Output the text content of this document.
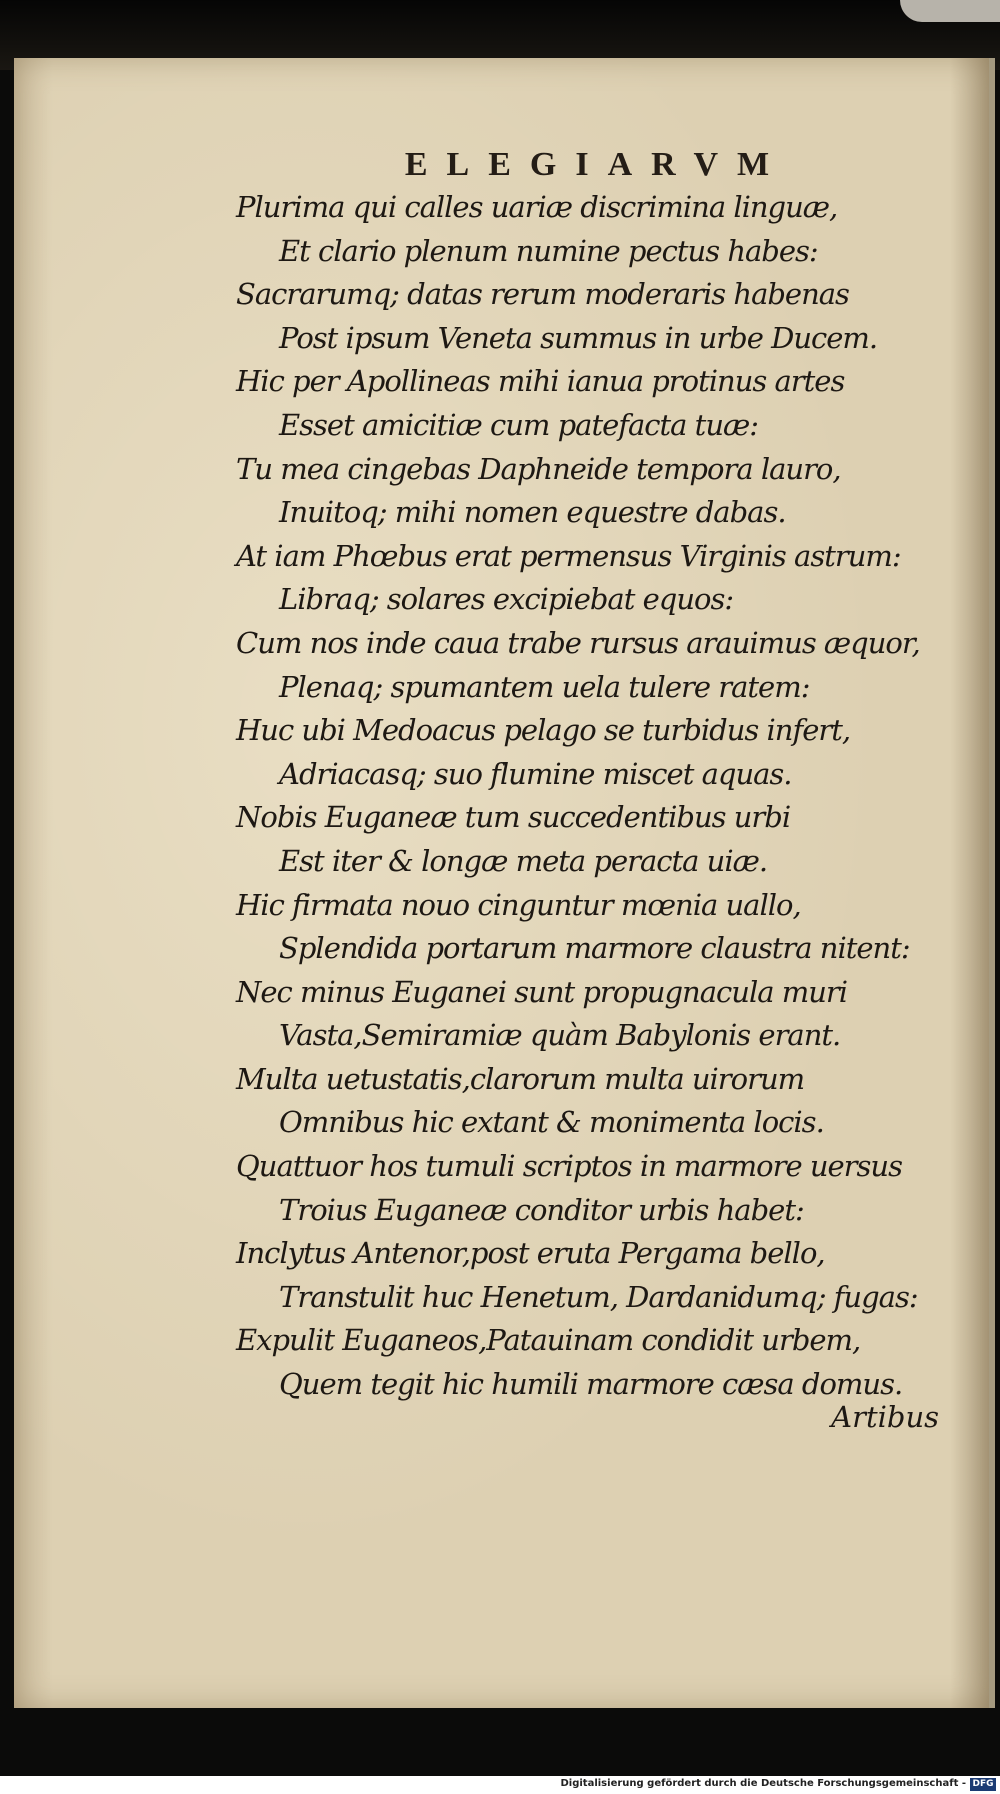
ELEGIARVM
Plurima qui calles uariæ discrimina linguæ,
Et clario plenum numine pectus habes:
Sacrarumq; datas rerum moderaris habenas
Post ipsum Veneta summus in urbe Ducem.
Hic per Apollineas mihi ianua protinus artes
Esset amicitiæ cum patefacta tuæ:
Tu mea cingebas Daphneide tempora lauro,
Inuitoq; mihi nomen equestre dabas.
At iam Phœbus erat permensus Virginis astrum:
Libraq; solares excipiebat equos:
Cum nos inde caua trabe rursus arauimus æquor,
Plenaq; spumantem uela tulere ratem:
Huc ubi Medoacus pelago se turbidus infert,
Adriacasq; suo flumine miscet aquas.
Nobis Euganeæ tum succedentibus urbi
Est iter & longæ meta peracta uiæ.
Hic firmata nouo cinguntur mœnia uallo,
Splendida portarum marmore claustra nitent:
Nec minus Euganei sunt propugnacula muri
Vasta,Semiramiæ quàm Babylonis erant.
Multa uetustatis,clarorum multa uirorum
Omnibus hic extant & monimenta locis.
Quattuor hos tumuli scriptos in marmore uersus
Troius Euganeæ conditor urbis habet:
Inclytus Antenor,post eruta Pergama bello,
Transtulit huc Henetum, Dardanidumq; fugas:
Expulit Euganeos,Patauinam condidit urbem,
Quem tegit hic humili marmore cæsa domus.
Artibus
Digitalisierung gefördert durch die Deutsche Forschungsgemeinschaft - DFG
